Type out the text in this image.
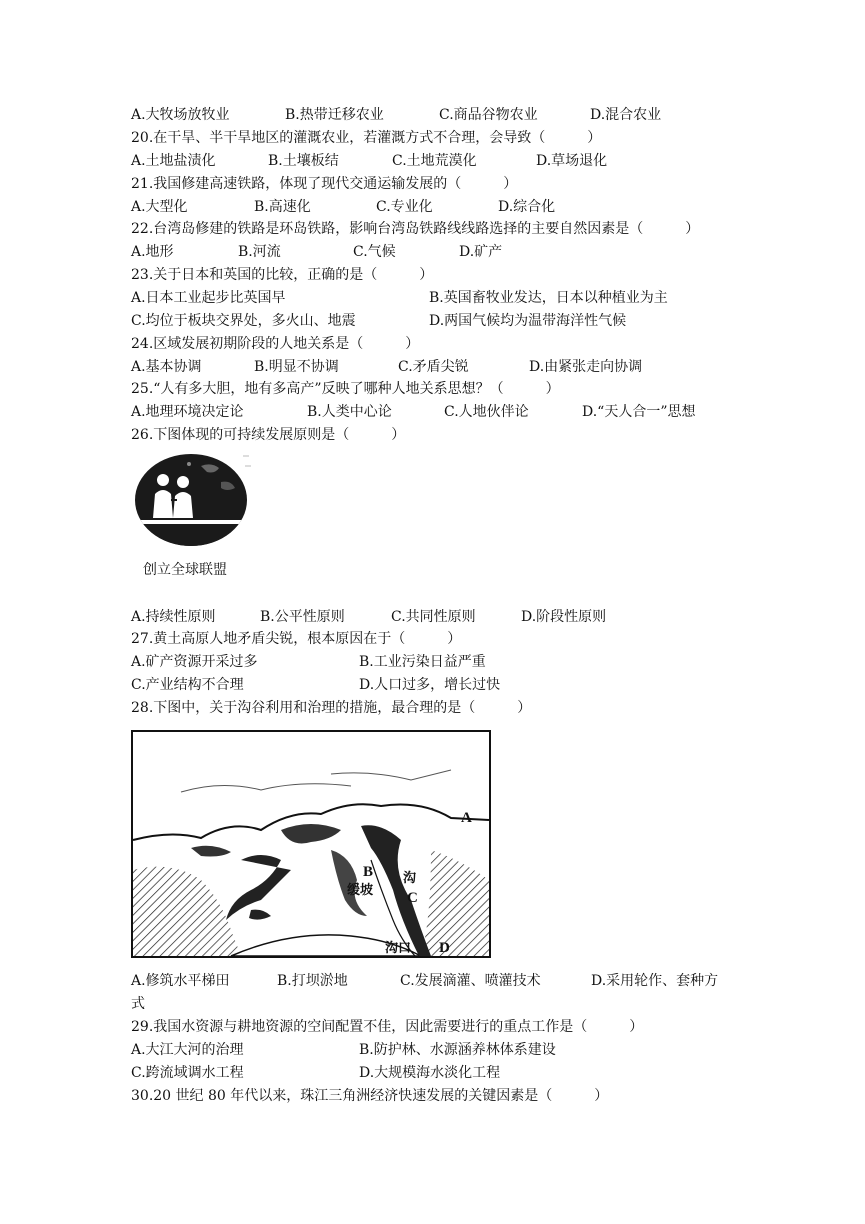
A.大牧场放牧业	B.热带迁移农业	C.商品谷物农业	D.混合农业
20.在干旱、半干旱地区的灌溉农业，若灌溉方式不合理，会导致（　　　）
A.土地盐渍化	B.土壤板结	C.土地荒漠化	D.草场退化
21.我国修建高速铁路，体现了现代交通运输发展的（　　　）
A.大型化	B.高速化	C.专业化	D.综合化
22.台湾岛修建的铁路是环岛铁路，影响台湾岛铁路线线路选择的主要自然因素是（　　　）
A.地形	B.河流	C.气候	D.矿产
23.关于日本和英国的比较，正确的是（　　　）
A.日本工业起步比英国早	B.英国畜牧业发达，日本以种植业为主
C.均位于板块交界处，多火山、地震	D.两国气候均为温带海洋性气候
24.区域发展初期阶段的人地关系是（　　　）
A.基本协调	B.明显不协调	C.矛盾尖锐	D.由紧张走向协调
25.“人有多大胆，地有多高产”反映了哪种人地关系思想？（　　　）
A.地理环境决定论	B.人类中心论	C.人地伙伴论	D.“天人合一”思想
26.下图体现的可持续发展原则是（　　　）
创立全球联盟
A.持续性原则	B.公平性原则	C.共同性原则	D.阶段性原则
27.黄土高原人地矛盾尖锐，根本原因在于（　　　）
A.矿产资源开采过多	B.工业污染日益严重
C.产业结构不合理	D.人口过多，增长过快
28.下图中，关于沟谷利用和治理的措施，最合理的是（　　　）
A
B
缓坡
沟
C
沟口 D
A.修筑水平梯田	B.打坝淤地	C.发展滴灌、喷灌技术	D.采用轮作、套种方
式
29.我国水资源与耕地资源的空间配置不佳，因此需要进行的重点工作是（　　　）
A.大江大河的治理	B.防护林、水源涵养林体系建设
C.跨流域调水工程	D.大规模海水淡化工程
30.20 世纪 80 年代以来，珠江三角洲经济快速发展的关键因素是（　　　）
